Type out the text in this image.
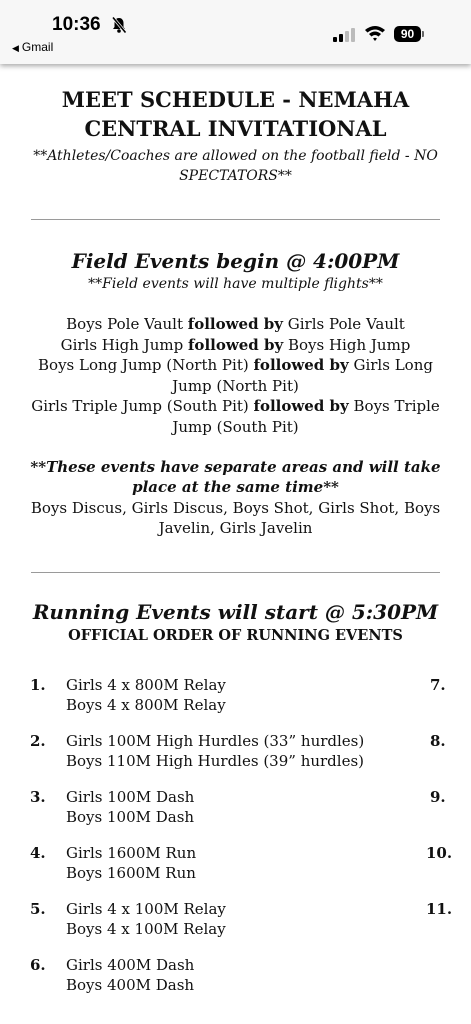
10:36
◀ Gmail
90
MEET SCHEDULE - NEMAHA
CENTRAL INVITATIONAL
**Athletes/Coaches are allowed on the football field - NO
SPECTATORS**
Field Events begin @ 4:00PM
**Field events will have multiple flights**
Boys Pole Vault followed by Girls Pole Vault
Girls High Jump followed by Boys High Jump
Boys Long Jump (North Pit) followed by Girls Long
Jump (North Pit)
Girls Triple Jump (South Pit) followed by Boys Triple
Jump (South Pit)
**These events have separate areas and will take
place at the same time**
Boys Discus, Girls Discus, Boys Shot, Girls Shot, Boys
Javelin, Girls Javelin
Running Events will start @ 5:30PM
OFFICIAL ORDER OF RUNNING EVENTS
1. Girls 4 x 800M Relay
Boys 4 x 800M Relay
2. Girls 100M High Hurdles (33” hurdles)
Boys 110M High Hurdles (39” hurdles)
3. Girls 100M Dash
Boys 100M Dash
4. Girls 1600M Run
Boys 1600M Run
5. Girls 4 x 100M Relay
Boys 4 x 100M Relay
6. Girls 400M Dash
Boys 400M Dash
7.
8.
9.
10.
11.
